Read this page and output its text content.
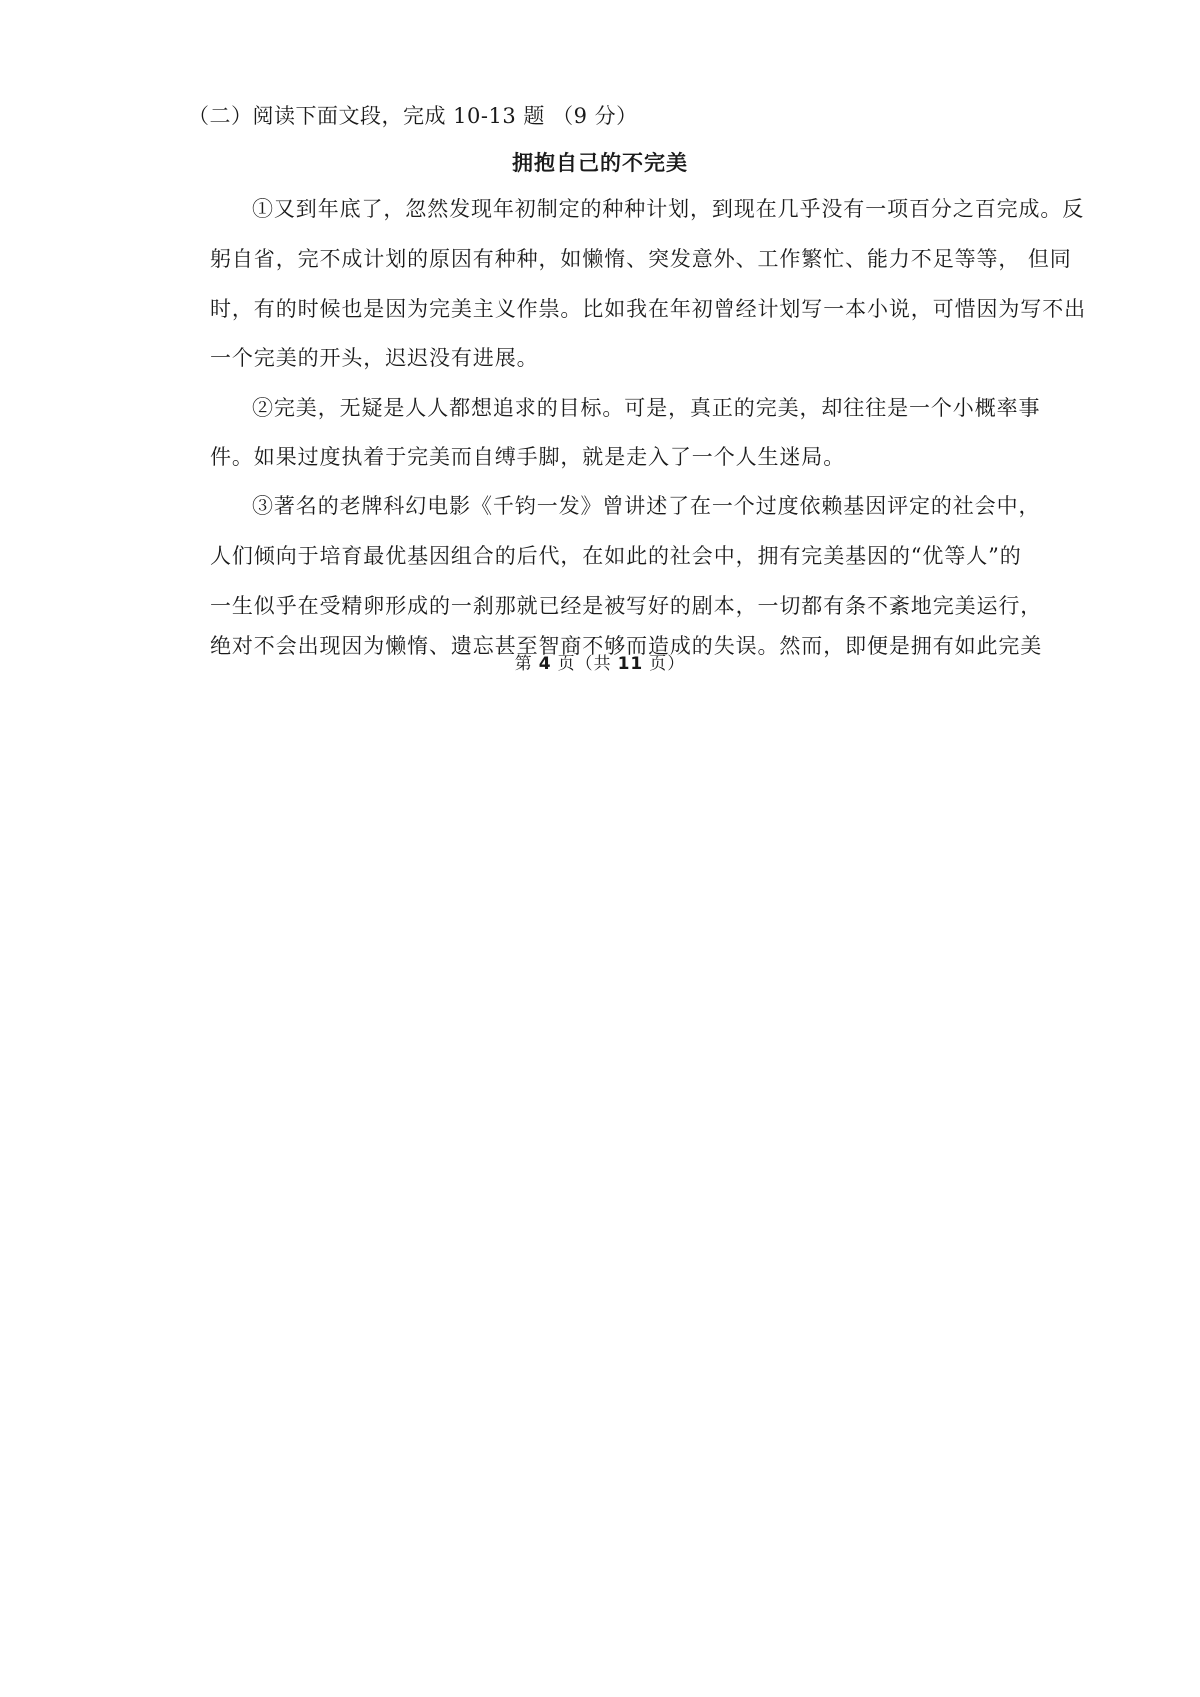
（二）阅读下面文段，完成 10-13 题 （9 分）
拥抱自己的不完美
①又到年底了，忽然发现年初制定的种种计划，到现在几乎没有一项百分之百完成。反
躬自省，完不成计划的原因有种种，如懒惰、突发意外、工作繁忙、能力不足等等， 但同
时，有的时候也是因为完美主义作祟。比如我在年初曾经计划写一本小说，可惜因为写不出
一个完美的开头，迟迟没有进展。
②完美，无疑是人人都想追求的目标。可是，真正的完美，却往往是一个小概率事
件。如果过度执着于完美而自缚手脚，就是走入了一个人生迷局。
③著名的老牌科幻电影《千钧一发》曾讲述了在一个过度依赖基因评定的社会中，
人们倾向于培育最优基因组合的后代，在如此的社会中，拥有完美基因的“优等人”的
一生似乎在受精卵形成的一刹那就已经是被写好的剧本，一切都有条不紊地完美运行，
绝对不会出现因为懒惰、遗忘甚至智商不够而造成的失误。然而，即便是拥有如此完美
第 4 页（共 11 页）
